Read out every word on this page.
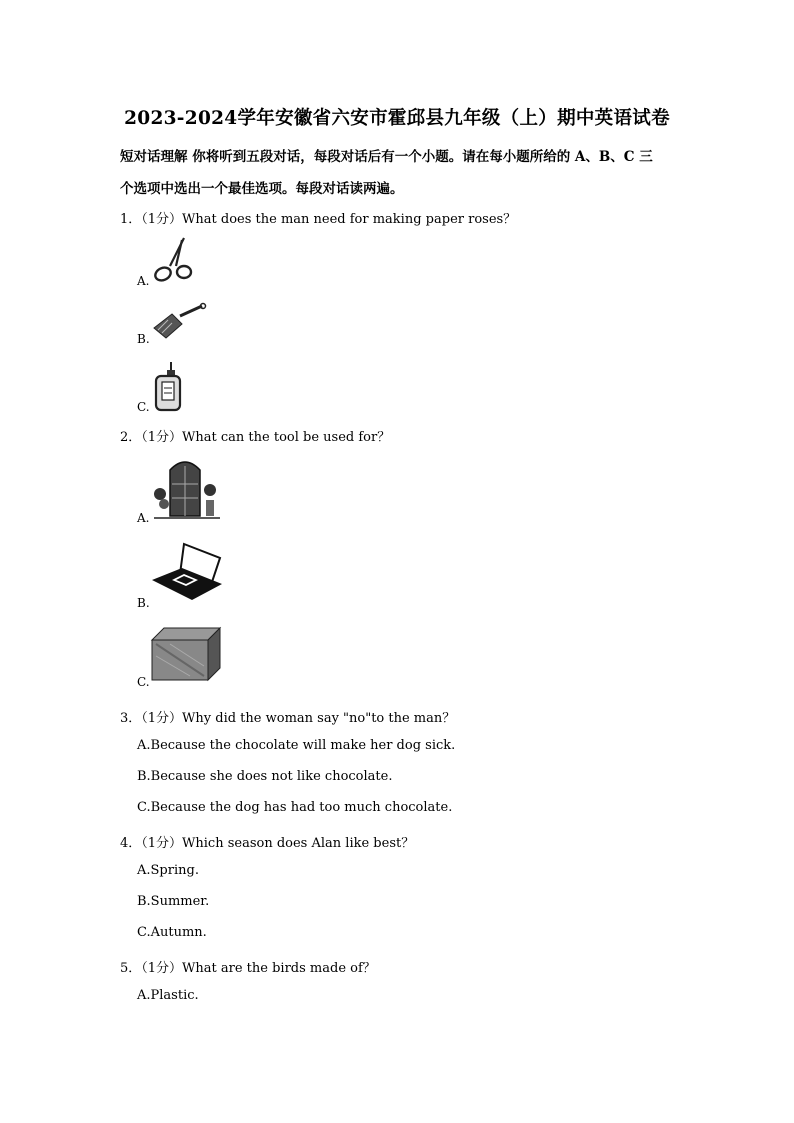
2023-2024学年安徽省六安市霍邱县九年级（上）期中英语试卷
短对话理解 你将听到五段对话，每段对话后有一个小题。请在每小题所给的 A、B、C 三
个选项中选出一个最佳选项。每段对话读两遍。
1．（1分）What does the man need for making paper roses？
A.
B.
C.
2．（1分）What can the tool be used for？
A.
B.
C.
3．（1分）Why did the woman say "no"to the man？
A.Because the chocolate will make her dog sick.
B.Because she does not like chocolate.
C.Because the dog has had too much chocolate.
4．（1分）Which season does Alan like best？
A.Spring.
B.Summer.
C.Autumn.
5．（1分）What are the birds made of？
A.Plastic.
